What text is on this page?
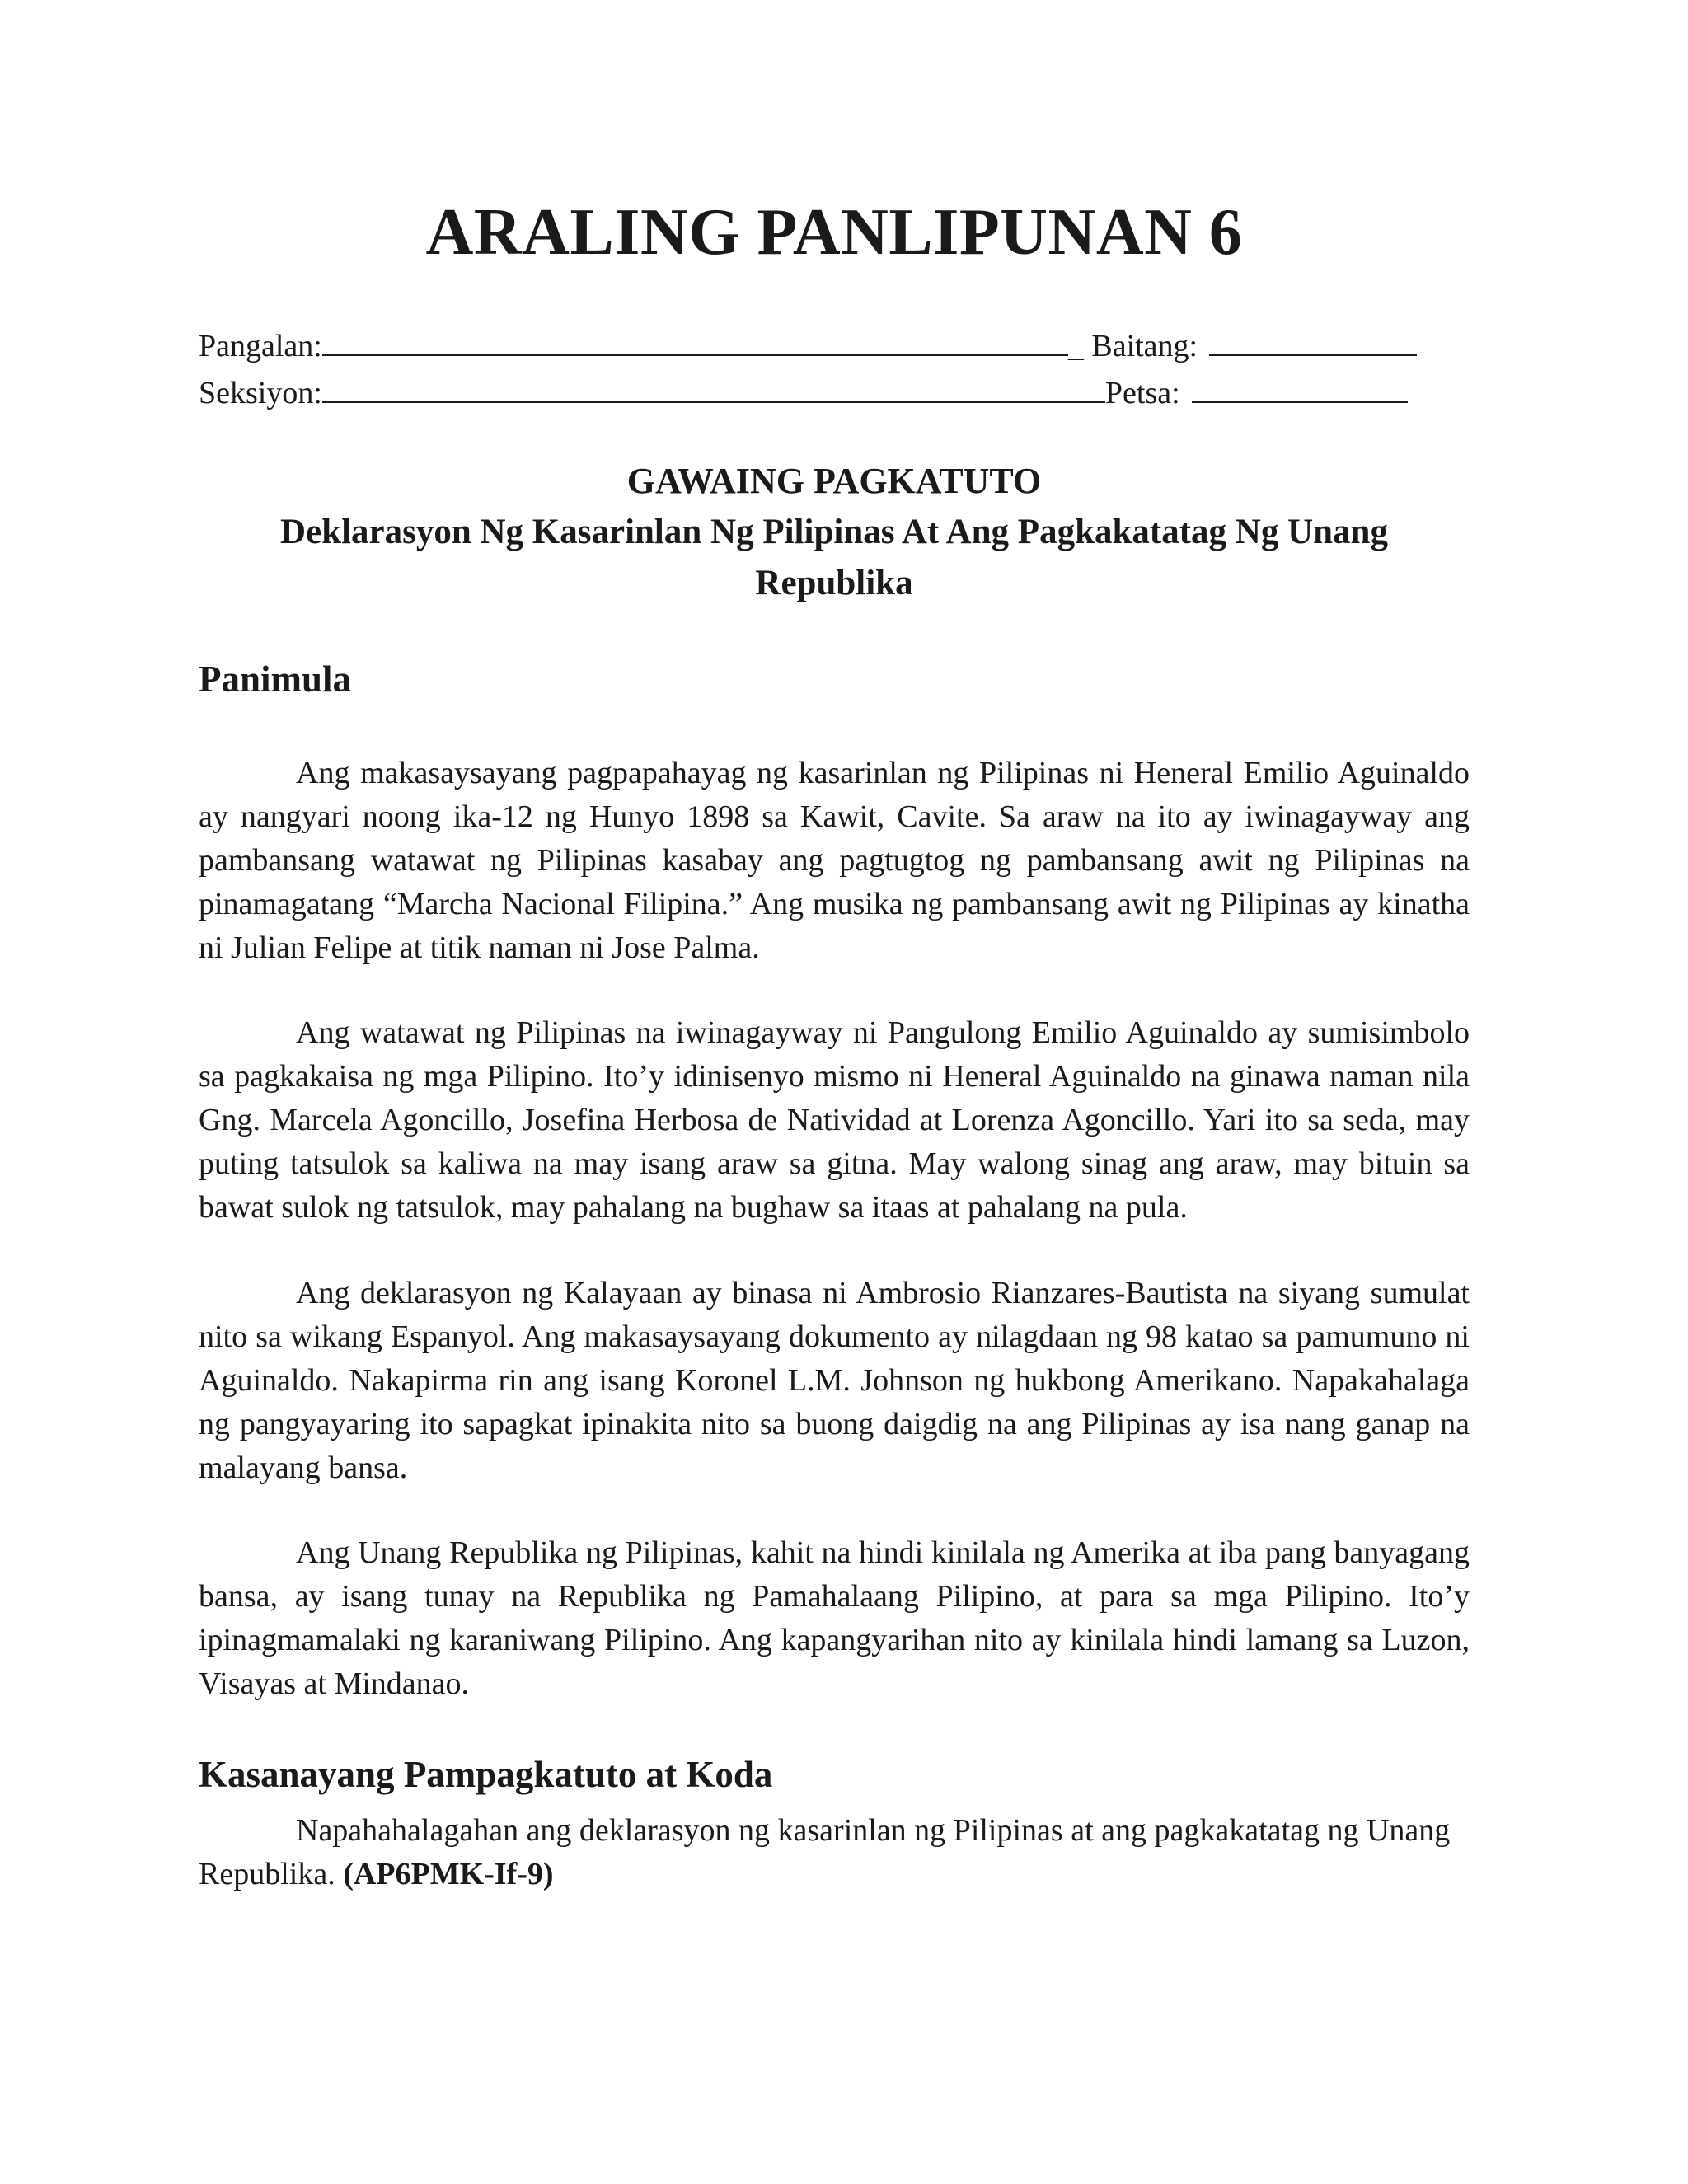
ARALING PANLIPUNAN 6
Pangalan:	_ Baitang:
Seksiyon:	Petsa:
GAWAING PAGKATUTO
Deklarasyon Ng Kasarinlan Ng Pilipinas At Ang Pagkakatatag Ng Unang Republika
Panimula

Ang makasaysayang pagpapahayag ng kasarinlan ng Pilipinas ni Heneral Emilio Aguinaldo ay nangyari noong ika-12 ng Hunyo 1898 sa Kawit, Cavite. Sa araw na ito ay iwinagayway ang pambansang watawat ng Pilipinas kasabay ang pagtugtog ng pambansang awit ng Pilipinas na pinamagatang “Marcha Nacional Filipina.” Ang musika ng pambansang awit ng Pilipinas ay kinatha ni Julian Felipe at titik naman ni Jose Palma.

Ang watawat ng Pilipinas na iwinagayway ni Pangulong Emilio Aguinaldo ay sumisimbolo sa pagkakaisa ng mga Pilipino. Ito’y idinisenyo mismo ni Heneral Aguinaldo na ginawa naman nila Gng. Marcela Agoncillo, Josefina Herbosa de Natividad at Lorenza Agoncillo. Yari ito sa seda, may puting tatsulok sa kaliwa na may isang araw sa gitna. May walong sinag ang araw, may bituin sa bawat sulok ng tatsulok, may pahalang na bughaw sa itaas at pahalang na pula.

Ang deklarasyon ng Kalayaan ay binasa ni Ambrosio Rianzares-Bautista na siyang sumulat nito sa wikang Espanyol. Ang makasaysayang dokumento ay nilagdaan ng 98 katao sa pamumuno ni Aguinaldo. Nakapirma rin ang isang Koronel L.M. Johnson ng hukbong Amerikano. Napakahalaga ng pangyayaring ito sapagkat ipinakita nito sa buong daigdig na ang Pilipinas ay isa nang ganap na malayang bansa.

Ang Unang Republika ng Pilipinas, kahit na hindi kinilala ng Amerika at iba pang banyagang bansa, ay isang tunay na Republika ng Pamahalaang Pilipino, at para sa mga Pilipino. Ito’y ipinagmamalaki ng karaniwang Pilipino. Ang kapangyarihan nito ay kinilala hindi lamang sa Luzon, Visayas at Mindanao.

Kasanayang Pampagkatuto at Koda

Napahahalagahan ang deklarasyon ng kasarinlan ng Pilipinas at ang pagkakatatag ng Unang Republika. (AP6PMK-If-9)
